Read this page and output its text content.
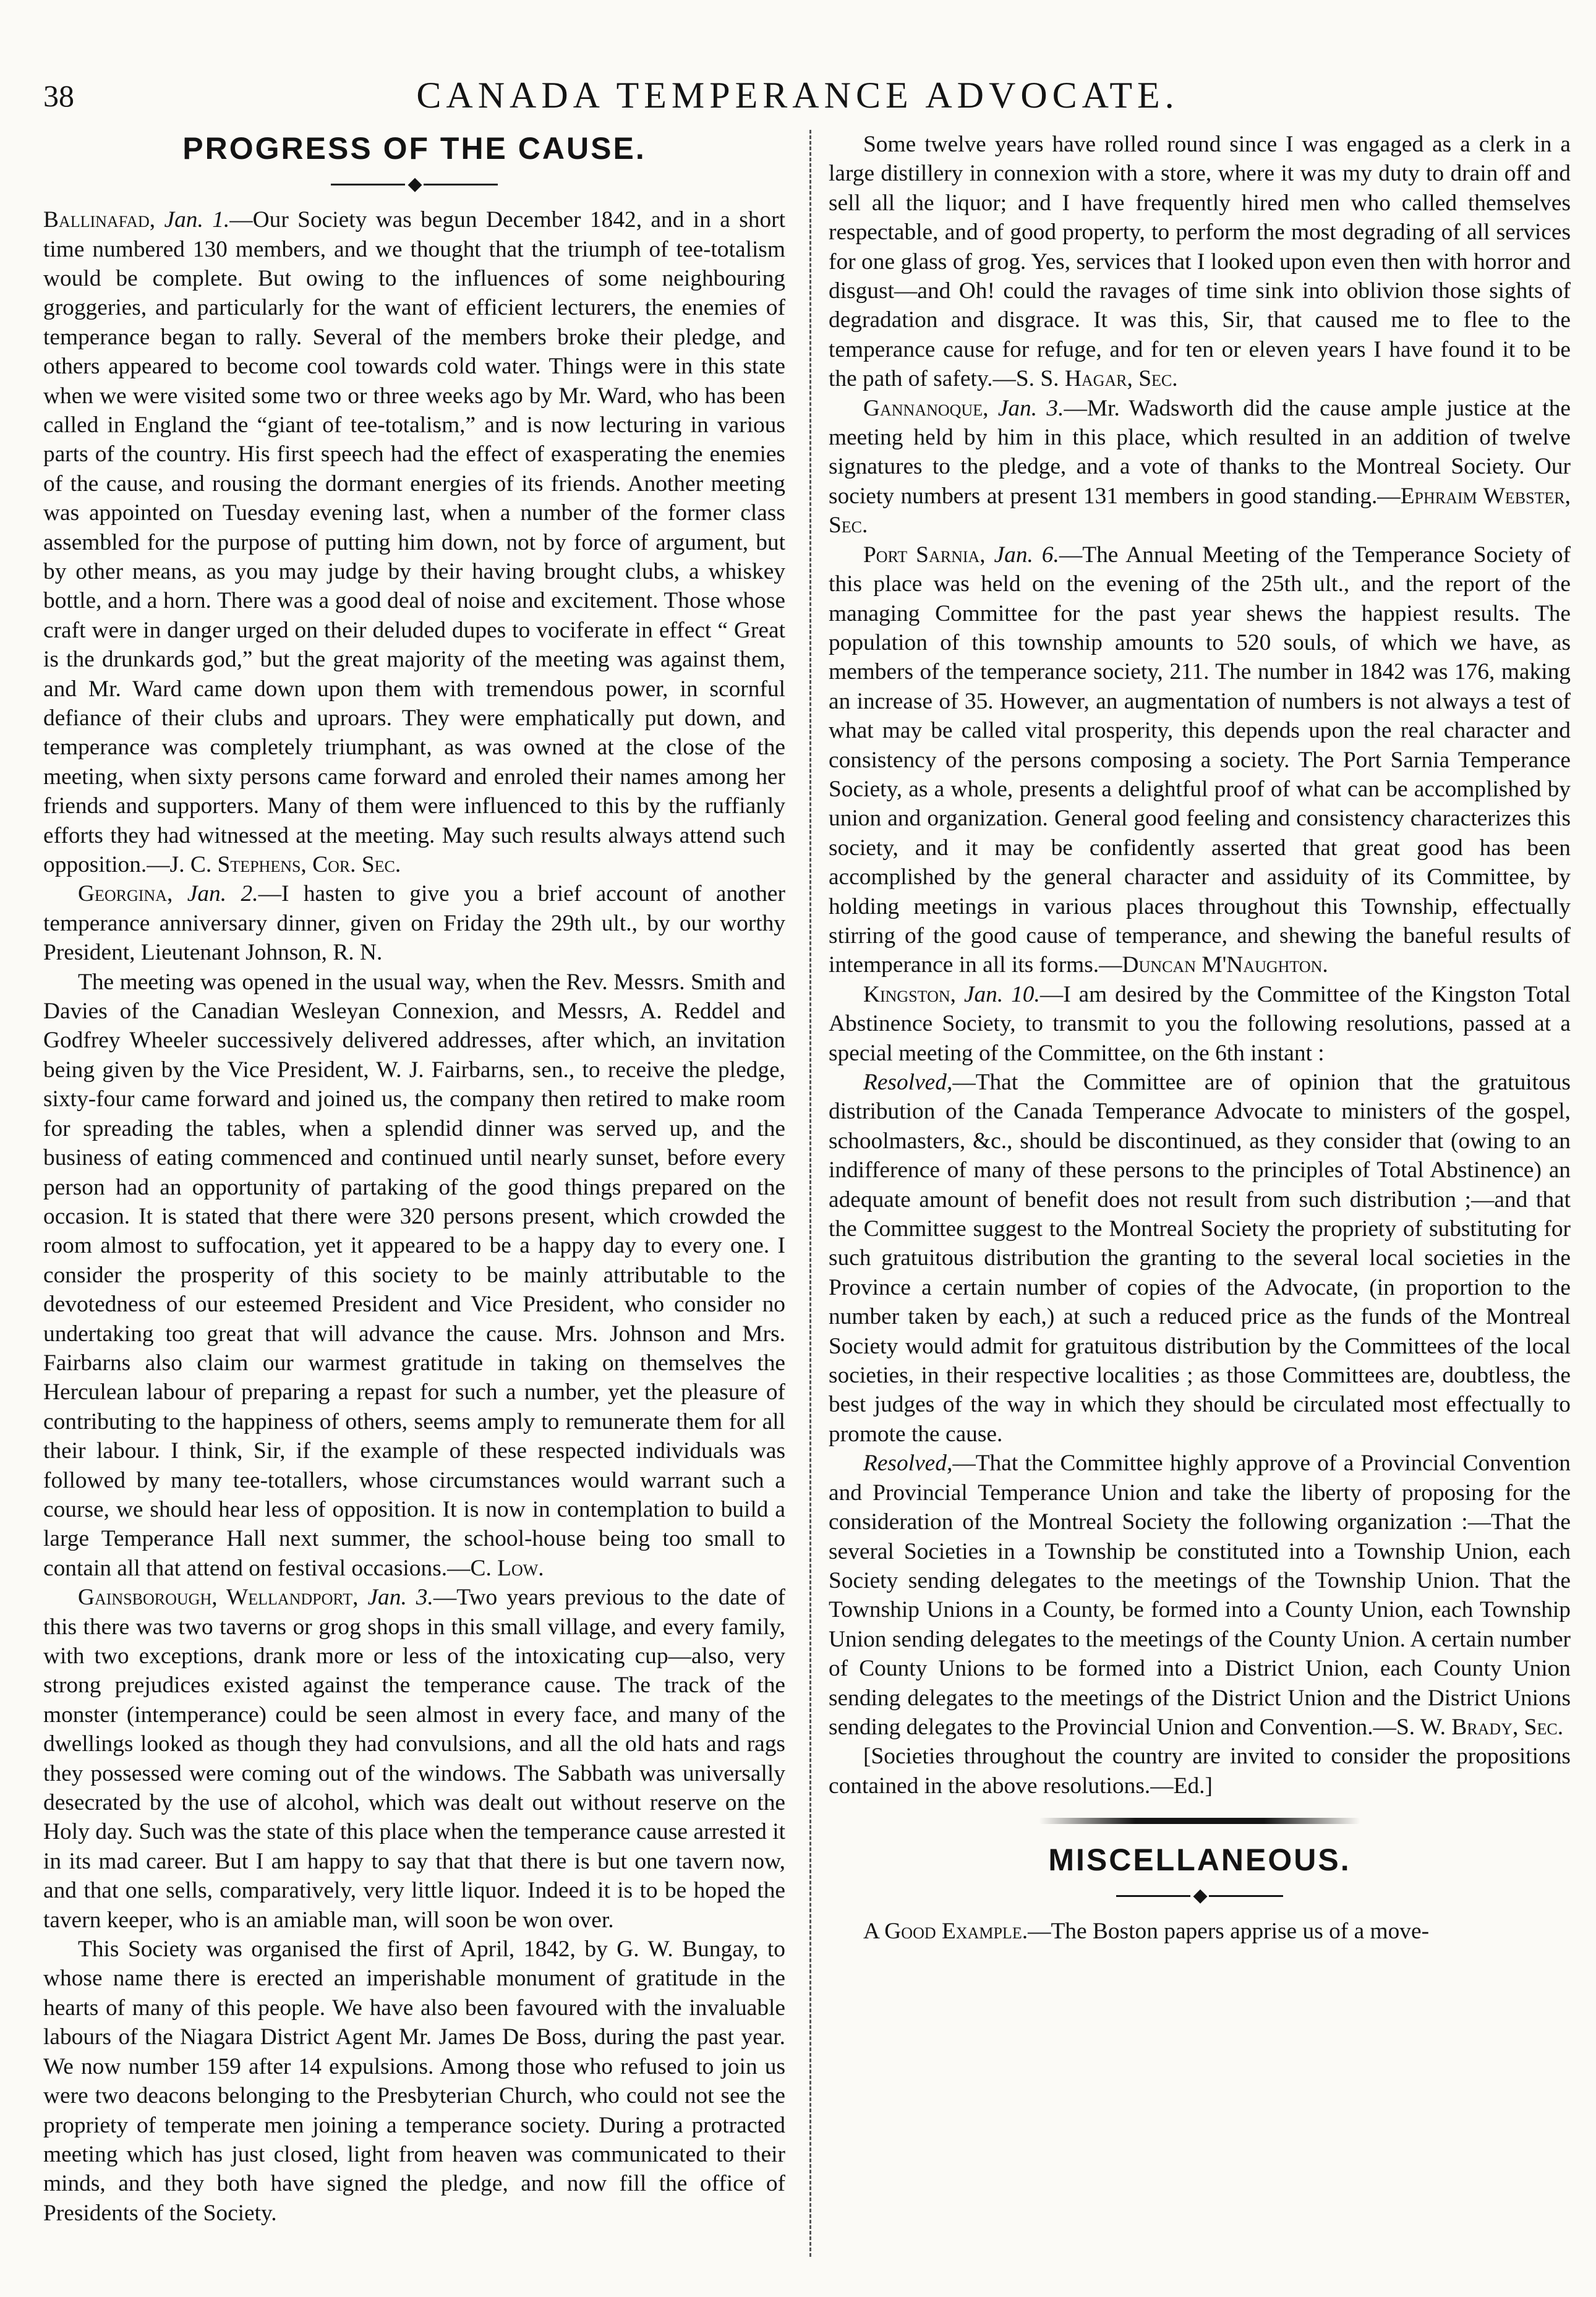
38	CANADA TEMPERANCE ADVOCATE.
PROGRESS OF THE CAUSE.
◆

Ballinafad, Jan. 1.—Our Society was begun December 1842, and in a short time numbered 130 members, and we thought that the triumph of tee-totalism would be complete. But owing to the influences of some neighbouring groggeries, and particularly for the want of efficient lecturers, the enemies of temperance began to rally. Several of the members broke their pledge, and others appeared to become cool towards cold water. Things were in this state when we were visited some two or three weeks ago by Mr. Ward, who has been called in England the “giant of tee-totalism,” and is now lecturing in various parts of the country. His first speech had the effect of exasperating the enemies of the cause, and rousing the dormant energies of its friends. Another meeting was appointed on Tuesday evening last, when a number of the former class assembled for the purpose of putting him down, not by force of argument, but by other means, as you may judge by their having brought clubs, a whiskey bottle, and a horn. There was a good deal of noise and excitement. Those whose craft were in danger urged on their deluded dupes to vociferate in effect “ Great is the drunkards god,” but the great majority of the meeting was against them, and Mr. Ward came down upon them with tremendous power, in scornful defiance of their clubs and uproars. They were emphatically put down, and temperance was completely triumphant, as was owned at the close of the meeting, when sixty persons came forward and enroled their names among her friends and supporters. Many of them were influenced to this by the ruffianly efforts they had witnessed at the meeting. May such results always attend such opposition.—J. C. Stephens, Cor. Sec.

Georgina, Jan. 2.—I hasten to give you a brief account of another temperance anniversary dinner, given on Friday the 29th ult., by our worthy President, Lieutenant Johnson, R. N.

The meeting was opened in the usual way, when the Rev. Messrs. Smith and Davies of the Canadian Wesleyan Connexion, and Messrs, A. Reddel and Godfrey Wheeler successively delivered addresses, after which, an invitation being given by the Vice President, W. J. Fairbarns, sen., to receive the pledge, sixty-four came forward and joined us, the company then retired to make room for spreading the tables, when a splendid dinner was served up, and the business of eating commenced and continued until nearly sunset, before every person had an opportunity of partaking of the good things prepared on the occasion. It is stated that there were 320 persons present, which crowded the room almost to suffocation, yet it appeared to be a happy day to every one. I consider the prosperity of this society to be mainly attributable to the devotedness of our esteemed President and Vice President, who consider no undertaking too great that will advance the cause. Mrs. Johnson and Mrs. Fairbarns also claim our warmest gratitude in taking on themselves the Herculean labour of preparing a repast for such a number, yet the pleasure of contributing to the happiness of others, seems amply to remunerate them for all their labour. I think, Sir, if the example of these respected individuals was followed by many tee-totallers, whose circumstances would warrant such a course, we should hear less of opposition. It is now in contemplation to build a large Temperance Hall next summer, the school-house being too small to contain all that attend on festival occasions.—C. Low.

Gainsborough, Wellandport, Jan. 3.—Two years previous to the date of this there was two taverns or grog shops in this small village, and every family, with two exceptions, drank more or less of the intoxicating cup—also, very strong prejudices existed against the temperance cause. The track of the monster (intemperance) could be seen almost in every face, and many of the dwellings looked as though they had convulsions, and all the old hats and rags they possessed were coming out of the windows. The Sabbath was universally desecrated by the use of alcohol, which was dealt out without reserve on the Holy day. Such was the state of this place when the temperance cause arrested it in its mad career. But I am happy to say that that there is but one tavern now, and that one sells, comparatively, very little liquor. Indeed it is to be hoped the tavern keeper, who is an amiable man, will soon be won over.

This Society was organised the first of April, 1842, by G. W. Bungay, to whose name there is erected an imperishable monument of gratitude in the hearts of many of this people. We have also been favoured with the invaluable labours of the Niagara District Agent Mr. James De Boss, during the past year. We now number 159 after 14 expulsions. Among those who refused to join us were two deacons belonging to the Presbyterian Church, who could not see the propriety of temperate men joining a temperance society. During a protracted meeting which has just closed, light from heaven was communicated to their minds, and they both have signed the pledge, and now fill the office of Presidents of the Society.

Some twelve years have rolled round since I was engaged as a clerk in a large distillery in connexion with a store, where it was my duty to drain off and sell all the liquor; and I have frequently hired men who called themselves respectable, and of good property, to perform the most degrading of all services for one glass of grog. Yes, services that I looked upon even then with horror and disgust—and Oh! could the ravages of time sink into oblivion those sights of degradation and disgrace. It was this, Sir, that caused me to flee to the temperance cause for refuge, and for ten or eleven years I have found it to be the path of safety.—S. S. Hagar, Sec.

Gannanoque, Jan. 3.—Mr. Wadsworth did the cause ample justice at the meeting held by him in this place, which resulted in an addition of twelve signatures to the pledge, and a vote of thanks to the Montreal Society. Our society numbers at present 131 members in good standing.—Ephraim Webster, Sec.

Port Sarnia, Jan. 6.—The Annual Meeting of the Temperance Society of this place was held on the evening of the 25th ult., and the report of the managing Committee for the past year shews the happiest results. The population of this township amounts to 520 souls, of which we have, as members of the temperance society, 211. The number in 1842 was 176, making an increase of 35. However, an augmentation of numbers is not always a test of what may be called vital prosperity, this depends upon the real character and consistency of the persons composing a society. The Port Sarnia Temperance Society, as a whole, presents a delightful proof of what can be accomplished by union and organization. General good feeling and consistency characterizes this society, and it may be confidently asserted that great good has been accomplished by the general character and assiduity of its Committee, by holding meetings in various places throughout this Township, effectually stirring of the good cause of temperance, and shewing the baneful results of intemperance in all its forms.—Duncan M'Naughton.

Kingston, Jan. 10.—I am desired by the Committee of the Kingston Total Abstinence Society, to transmit to you the following resolutions, passed at a special meeting of the Committee, on the 6th instant :

Resolved,—That the Committee are of opinion that the gratuitous distribution of the Canada Temperance Advocate to ministers of the gospel, schoolmasters, &c., should be discontinued, as they consider that (owing to an indifference of many of these persons to the principles of Total Abstinence) an adequate amount of benefit does not result from such distribution ;—and that the Committee suggest to the Montreal Society the propriety of substituting for such gratuitous distribution the granting to the several local societies in the Province a certain number of copies of the Advocate, (in proportion to the number taken by each,) at such a reduced price as the funds of the Montreal Society would admit for gratuitous distribution by the Committees of the local societies, in their respective localities ; as those Committees are, doubtless, the best judges of the way in which they should be circulated most effectually to promote the cause.

Resolved,—That the Committee highly approve of a Provincial Convention and Provincial Temperance Union and take the liberty of proposing for the consideration of the Montreal Society the following organization :—That the several Societies in a Township be constituted into a Township Union, each Society sending delegates to the meetings of the Township Union. That the Township Unions in a County, be formed into a County Union, each Township Union sending delegates to the meetings of the County Union. A certain number of County Unions to be formed into a District Union, each County Union sending delegates to the meetings of the District Union and the District Unions sending delegates to the Provincial Union and Convention.—S. W. Brady, Sec.

[Societies throughout the country are invited to consider the propositions contained in the above resolutions.—Ed.]

MISCELLANEOUS.
◆

A Good Example.—The Boston papers apprise us of a move-
